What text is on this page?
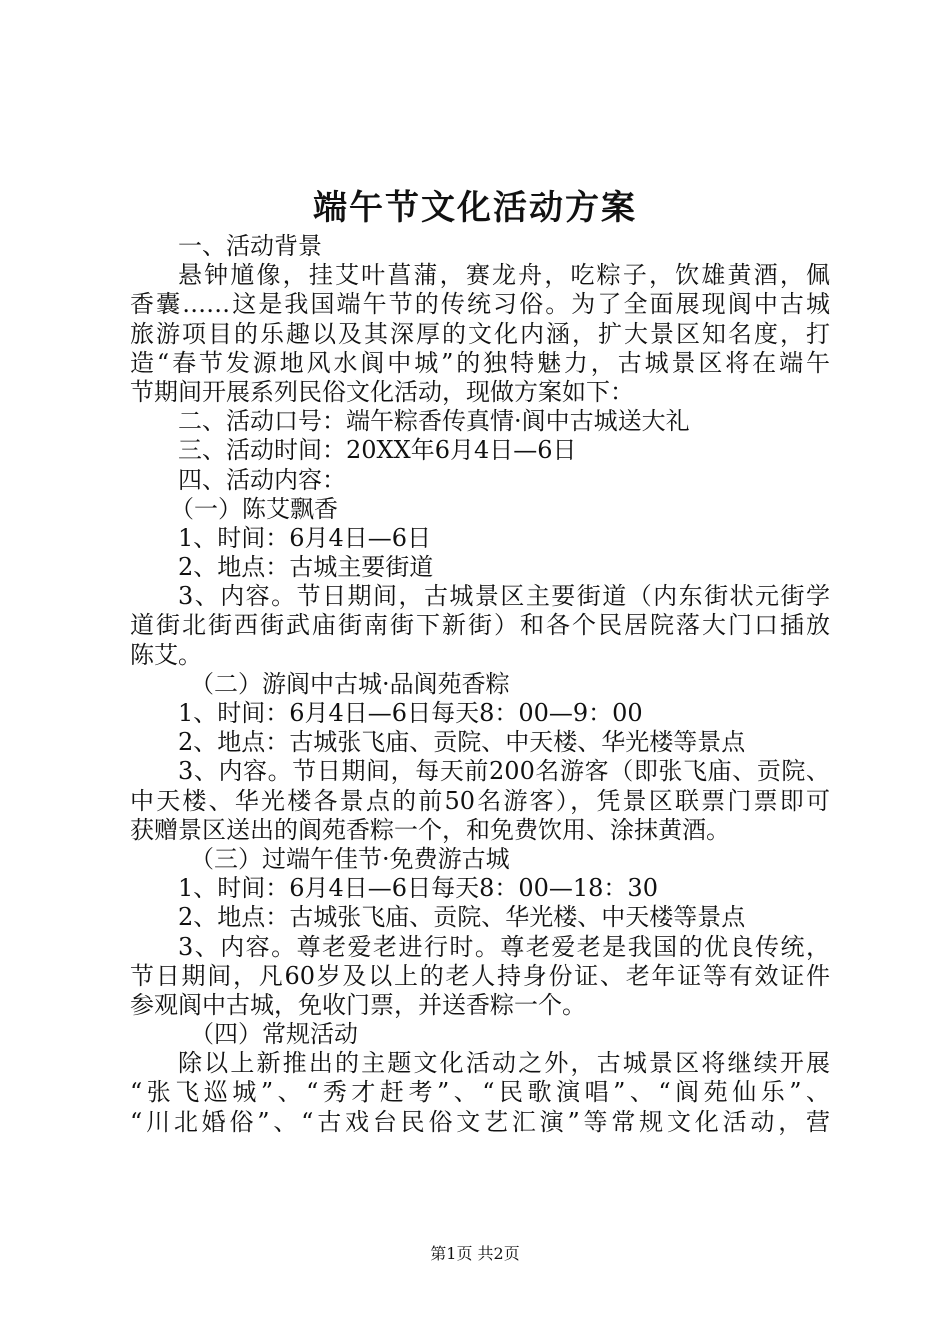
端午节文化活动方案
一、活动背景
悬钟馗像，挂艾叶菖蒲，赛龙舟，吃粽子，饮雄黄酒，佩
香囊……这是我国端午节的传统习俗。为了全面展现阆中古城
旅游项目的乐趣以及其深厚的文化内涵，扩大景区知名度，打
造“春节发源地风水阆中城”的独特魅力，古城景区将在端午
节期间开展系列民俗文化活动，现做方案如下：
二、活动口号：端午粽香传真情·阆中古城送大礼
三、活动时间：20XX年6月4日—6日
四、活动内容：
（一）陈艾飘香
1、时间：6月4日—6日
2、地点：古城主要街道
3、内容。节日期间，古城景区主要街道（内东街状元街学
道街北街西街武庙街南街下新街）和各个民居院落大门口插放
陈艾。
（二）游阆中古城·品阆苑香粽
1、时间：6月4日—6日每天8：00—9：00
2、地点：古城张飞庙、贡院、中天楼、华光楼等景点
3、内容。节日期间，每天前200名游客（即张飞庙、贡院、
中天楼、华光楼各景点的前50名游客），凭景区联票门票即可
获赠景区送出的阆苑香粽一个，和免费饮用、涂抹黄酒。
（三）过端午佳节·免费游古城
1、时间：6月4日—6日每天8：00—18：30
2、地点：古城张飞庙、贡院、华光楼、中天楼等景点
3、内容。尊老爱老进行时。尊老爱老是我国的优良传统，
节日期间，凡60岁及以上的老人持身份证、老年证等有效证件
参观阆中古城，免收门票，并送香粽一个。
（四）常规活动
除以上新推出的主题文化活动之外，古城景区将继续开展
“张飞巡城”、“秀才赶考”、“民歌演唱”、“阆苑仙乐”、
“川北婚俗”、“古戏台民俗文艺汇演”等常规文化活动，营
第1页 共2页
